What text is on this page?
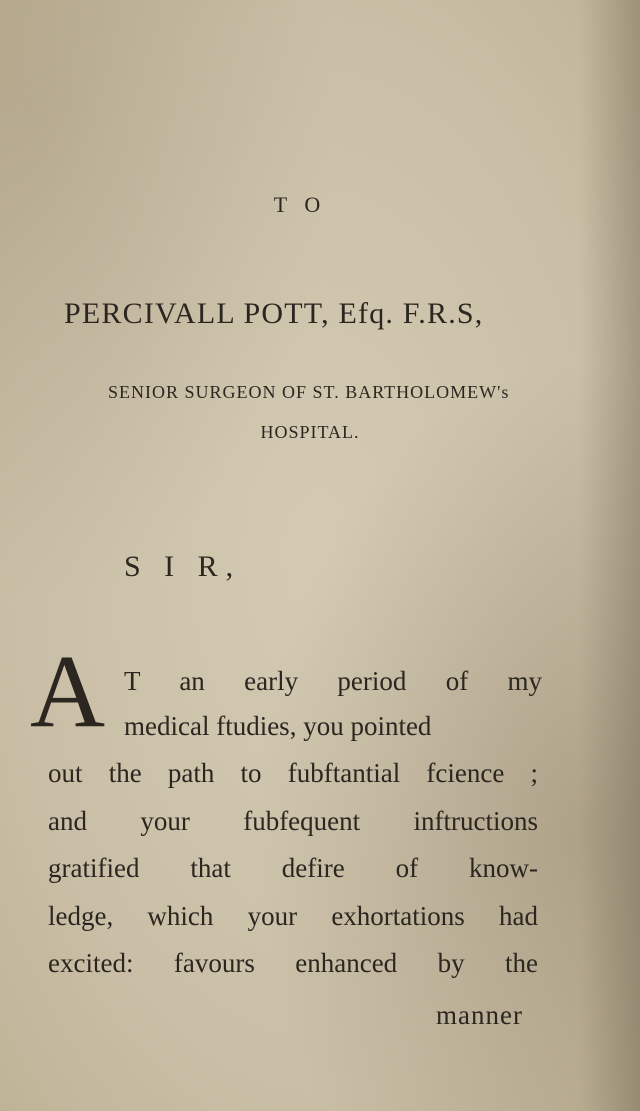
T O
PERCIVALL POTT, Efq. F.R.S,
SENIOR SURGEON OF ST. BARTHOLOMEW's
HOSPITAL.
S I R,
A T an early period of my
medical ftudies, you pointed
out the path to fubftantial fcience ;
and your fubfequent inftructions
gratified that defire of know-
ledge, which your exhortations had
excited: favours enhanced by the
manner
